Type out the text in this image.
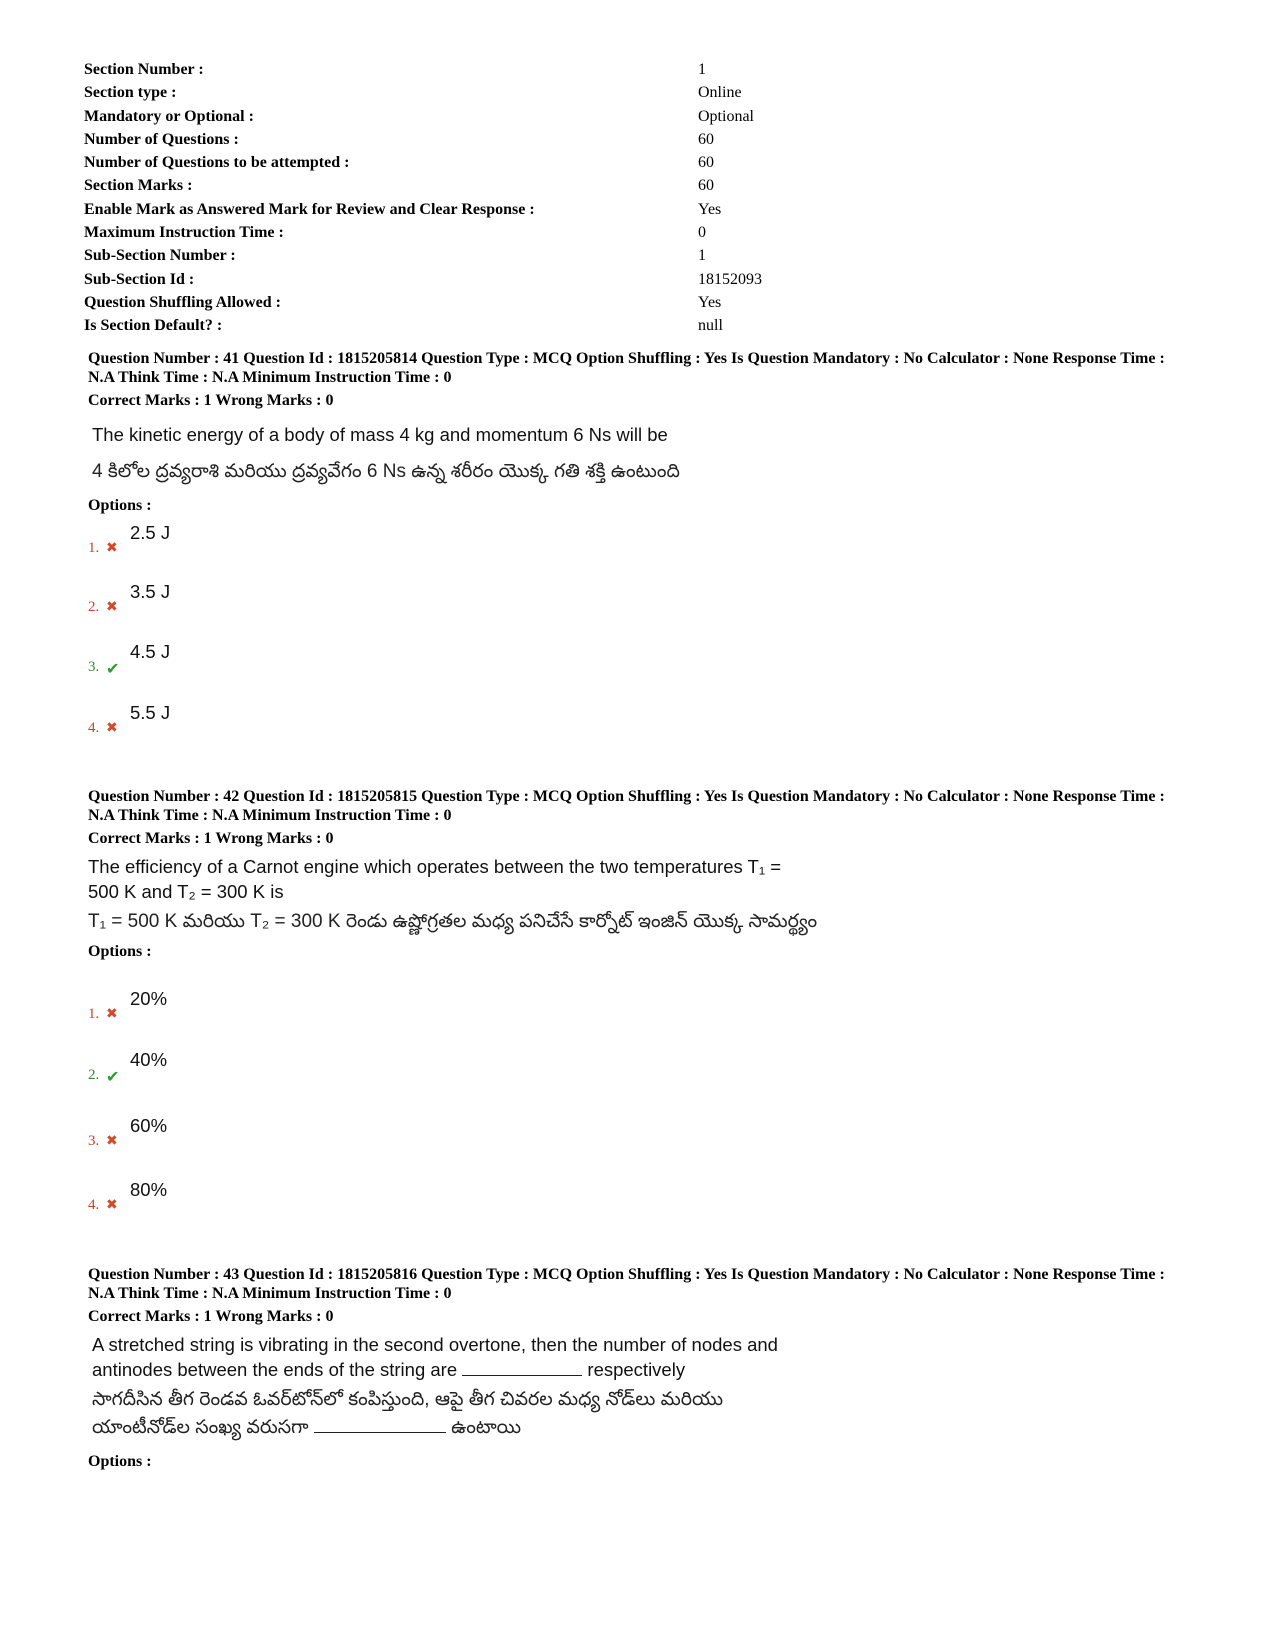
Section Number :	1
Section type :	Online
Mandatory or Optional :	Optional
Number of Questions :	60
Number of Questions to be attempted :	60
Section Marks :	60
Enable Mark as Answered Mark for Review and Clear Response :	Yes
Maximum Instruction Time :	0
Sub-Section Number :	1
Sub-Section Id :	18152093
Question Shuffling Allowed :	Yes
Is Section Default? :	null
Question Number : 41 Question Id : 1815205814 Question Type : MCQ Option Shuffling : Yes Is Question Mandatory : No Calculator : None Response Time : N.A Think Time : N.A Minimum Instruction Time : 0
Correct Marks : 1 Wrong Marks : 0
The kinetic energy of a body of mass 4 kg and momentum 6 Ns will be
4 కిలోల ద్రవ్యరాశి మరియు ద్రవ్యవేగం 6 Ns ఉన్న శరీరం యొక్క గతి శక్తి ఉంటుంది
Options :
1. ✖
2.5 J
2. ✖
3.5 J
3. ✔
4.5 J
4. ✖
5.5 J
Question Number : 42 Question Id : 1815205815 Question Type : MCQ Option Shuffling : Yes Is Question Mandatory : No Calculator : None Response Time : N.A Think Time : N.A Minimum Instruction Time : 0
Correct Marks : 1 Wrong Marks : 0
The efficiency of a Carnot engine which operates between the two temperatures T₁ = 500 K and T₂ = 300 K is
T₁ = 500 K మరియు T₂ = 300 K రెండు ఉష్ణోగ్రతల మధ్య పనిచేసే కార్నోట్ ఇంజిన్ యొక్క సామర్థ్యం
Options :
1. ✖
20%
2. ✔
40%
3. ✖
60%
4. ✖
80%
Question Number : 43 Question Id : 1815205816 Question Type : MCQ Option Shuffling : Yes Is Question Mandatory : No Calculator : None Response Time : N.A Think Time : N.A Minimum Instruction Time : 0
Correct Marks : 1 Wrong Marks : 0
A stretched string is vibrating in the second overtone, then the number of nodes and antinodes between the ends of the string are	respectively
సాగదీసిన తీగ రెండవ ఓవర్‌టోన్‌లో కంపిస్తుంది, ఆపై తీగ చివరల మధ్య నోడ్‌లు మరియు యాంటీనోడ్‌ల సంఖ్య వరుసగా	ఉంటాయి
Options :
